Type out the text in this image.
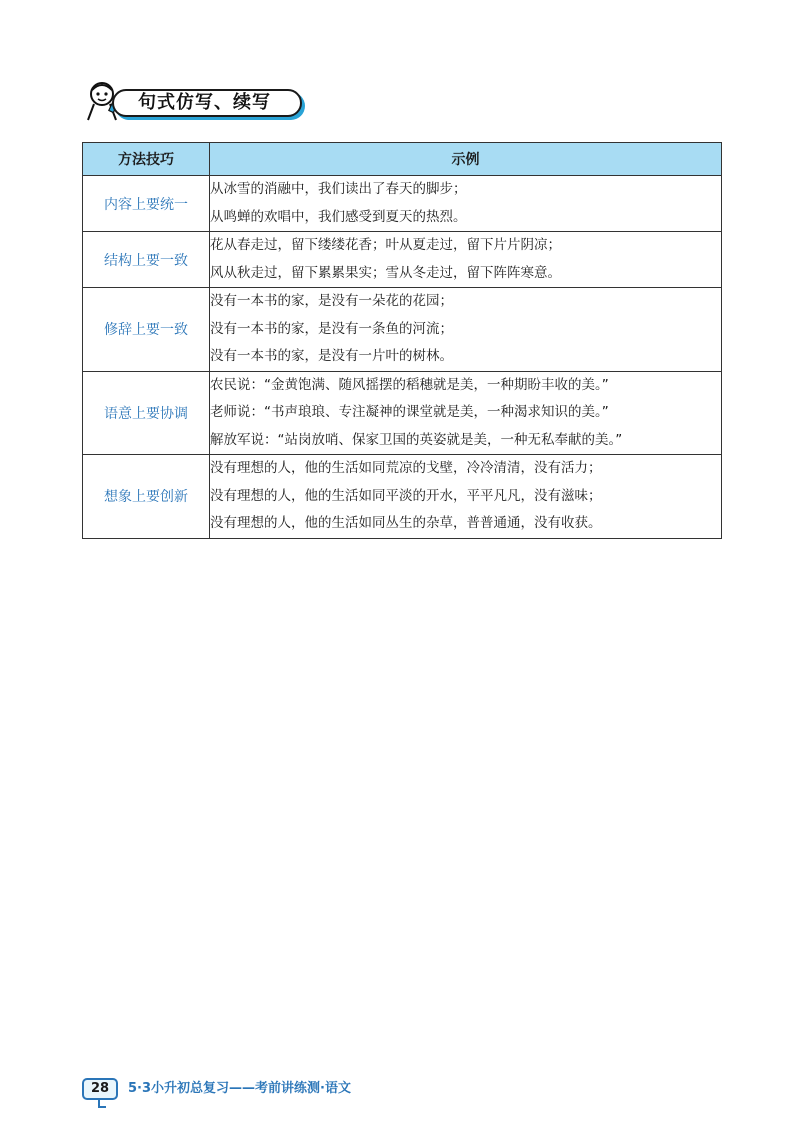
句式仿写、续写
方法技巧	示例
内容上要统一	从冰雪的消融中，我们读出了春天的脚步；
从鸣蝉的欢唱中，我们感受到夏天的热烈。

结构上要一致	花从春走过，留下缕缕花香；叶从夏走过，留下片片阴凉；
风从秋走过，留下累累果实；雪从冬走过，留下阵阵寒意。

修辞上要一致	没有一本书的家，是没有一朵花的花园；
没有一本书的家，是没有一条鱼的河流；
没有一本书的家，是没有一片叶的树林。

语意上要协调	农民说：“金黄饱满、随风摇摆的稻穗就是美，一种期盼丰收的美。”
老师说：“书声琅琅、专注凝神的课堂就是美，一种渴求知识的美。”
解放军说：“站岗放哨、保家卫国的英姿就是美，一种无私奉献的美。”

想象上要创新	没有理想的人，他的生活如同荒凉的戈壁，冷冷清清，没有活力；
没有理想的人，他的生活如同平淡的开水，平平凡凡，没有滋味；
没有理想的人，他的生活如同丛生的杂草，普普通通，没有收获。
28	5·3小升初总复习——考前讲练测·语文
